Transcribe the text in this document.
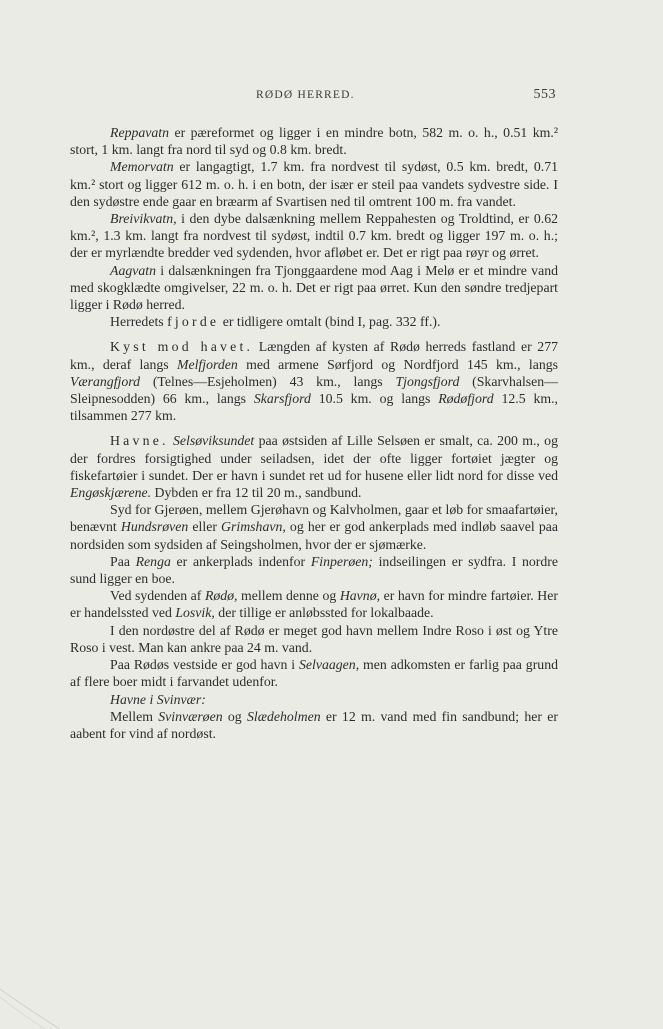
RØDØ HERRED.	553

Reppavatn er pæreformet og ligger i en mindre botn, 582 m. o. h., 0.51 km.² stort, 1 km. langt fra nord til syd og 0.8 km. bredt.

Memorvatn er langagtigt, 1.7 km. fra nordvest til sydøst, 0.5 km. bredt, 0.71 km.² stort og ligger 612 m. o. h. i en botn, der især er steil paa vandets sydvestre side. I den sydøstre ende gaar en bræarm af Svartisen ned til omtrent 100 m. fra vandet.

Breivikvatn, i den dybe dalsænkning mellem Reppahesten og Troldtind, er 0.62 km.², 1.3 km. langt fra nordvest til sydøst, indtil 0.7 km. bredt og ligger 197 m. o. h.; der er myrlændte bredder ved sydenden, hvor afløbet er. Det er rigt paa røyr og ørret.

Aagvatn i dalsænkningen fra Tjonggaardene mod Aag i Melø er et mindre vand med skogklædte omgivelser, 22 m. o. h. Det er rigt paa ørret. Kun den søndre tredjepart ligger i Rødø herred.

Herredets fjorde er tidligere omtalt (bind I, pag. 332 ff.).

Kyst mod havet. Længden af kysten af Rødø herreds fastland er 277 km., deraf langs Melfjorden med armene Sørfjord og Nordfjord 145 km., langs Værangfjord (Telnes—Esjeholmen) 43 km., langs Tjongsfjord (Skarvhalsen—Sleipnesodden) 66 km., langs Skarsfjord 10.5 km. og langs Rødøfjord 12.5 km., tilsammen 277 km.

Havne. Selsøviksundet paa østsiden af Lille Selsøen er smalt, ca. 200 m., og der fordres forsigtighed under seiladsen, idet der ofte ligger fortøiet jægter og fiskefartøier i sundet. Der er havn i sundet ret ud for husene eller lidt nord for disse ved Engøskjærene. Dybden er fra 12 til 20 m., sandbund.

Syd for Gjerøen, mellem Gjerøhavn og Kalvholmen, gaar et løb for smaafartøier, benævnt Hundsrøven eller Grimshavn, og her er god ankerplads med indløb saavel paa nordsiden som sydsiden af Seingsholmen, hvor der er sjømærke.

Paa Renga er ankerplads indenfor Finperøen; indseilingen er sydfra. I nordre sund ligger en boe.

Ved sydenden af Rødø, mellem denne og Havnø, er havn for mindre fartøier. Her er handelssted ved Losvik, der tillige er anløbssted for lokalbaade.

I den nordøstre del af Rødø er meget god havn mellem Indre Roso i øst og Ytre Roso i vest. Man kan ankre paa 24 m. vand.

Paa Rødøs vestside er god havn i Selvaagen, men adkomsten er farlig paa grund af flere boer midt i farvandet udenfor.

Havne i Svinvær:

Mellem Svinværøen og Slædeholmen er 12 m. vand med fin sandbund; her er aabent for vind af nordøst.
